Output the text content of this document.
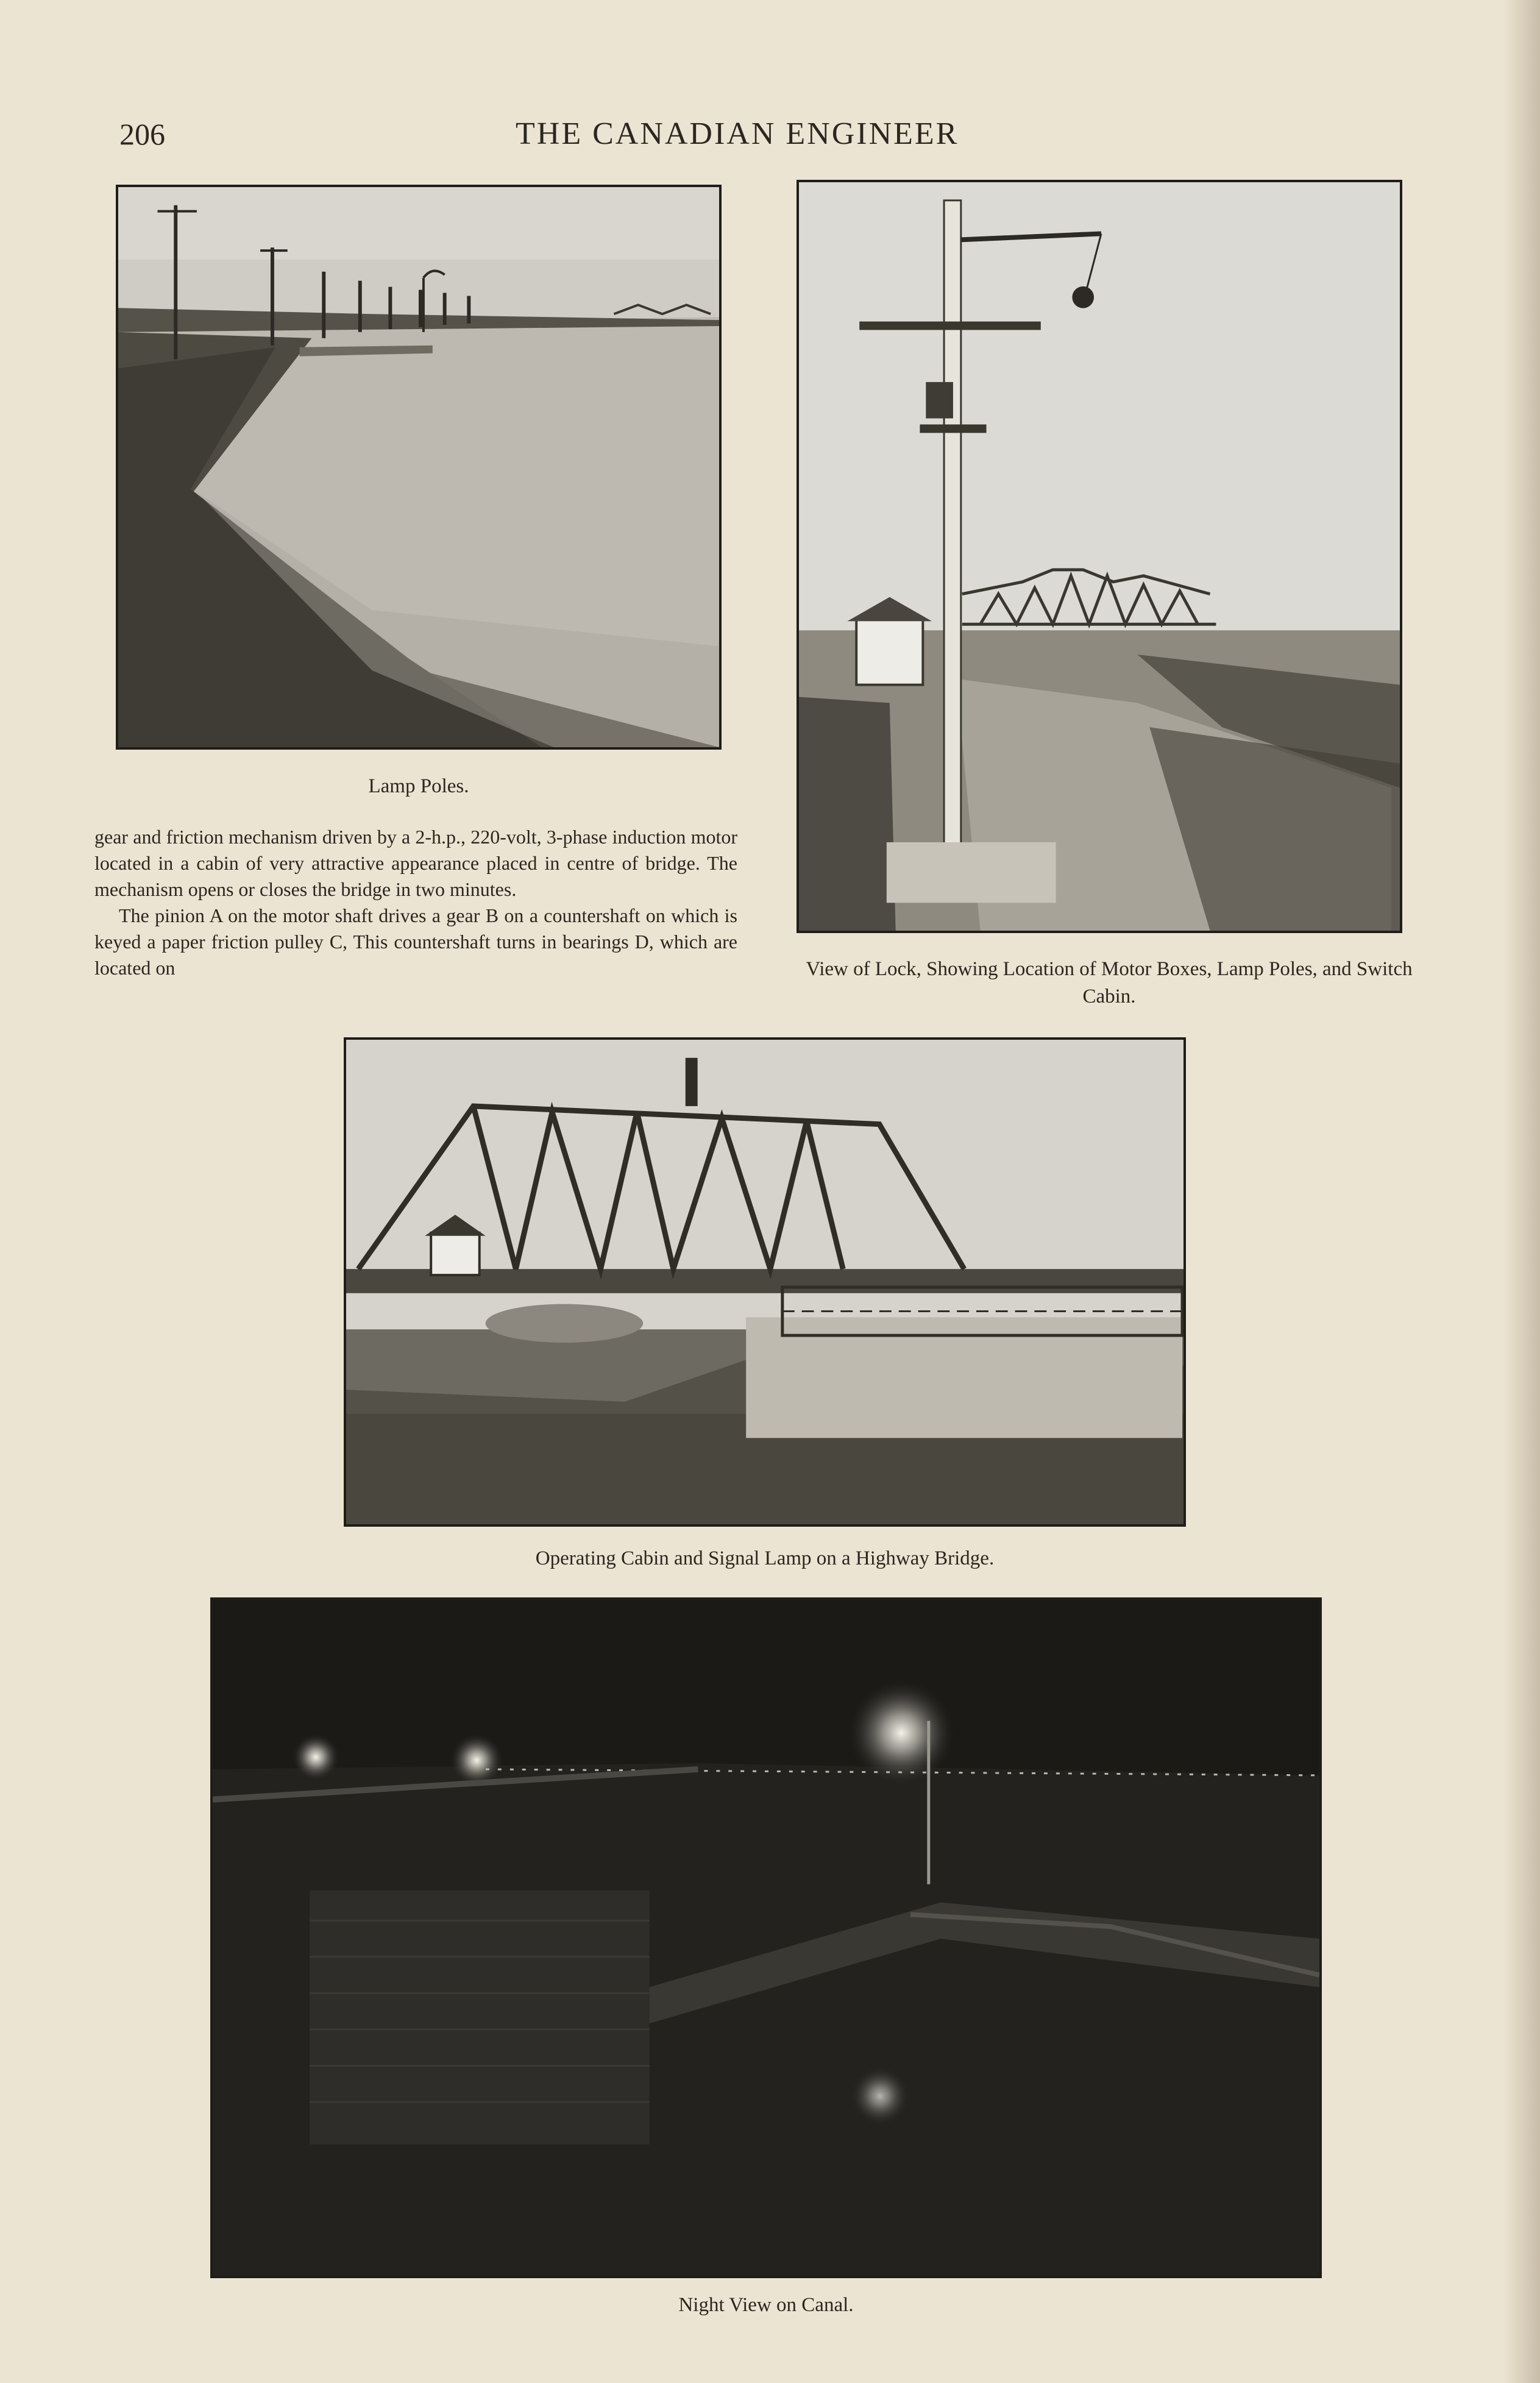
206	THE CANADIAN ENGINEER
Lamp Poles.

gear and friction mechanism driven by a 2-h.p., 220-volt, 3-phase induction motor located in a cabin of very attractive appearance placed in centre of bridge. The mechanism opens or closes the bridge in two minutes.

The pinion A on the motor shaft drives a gear B on a countershaft on which is keyed a paper friction pulley C, This countershaft turns in bearings D, which are located on	View of Lock, Showing Location of Motor Boxes, Lamp Poles, and Switch Cabin.
Operating Cabin and Signal Lamp on a Highway Bridge.
Night View on Canal.
